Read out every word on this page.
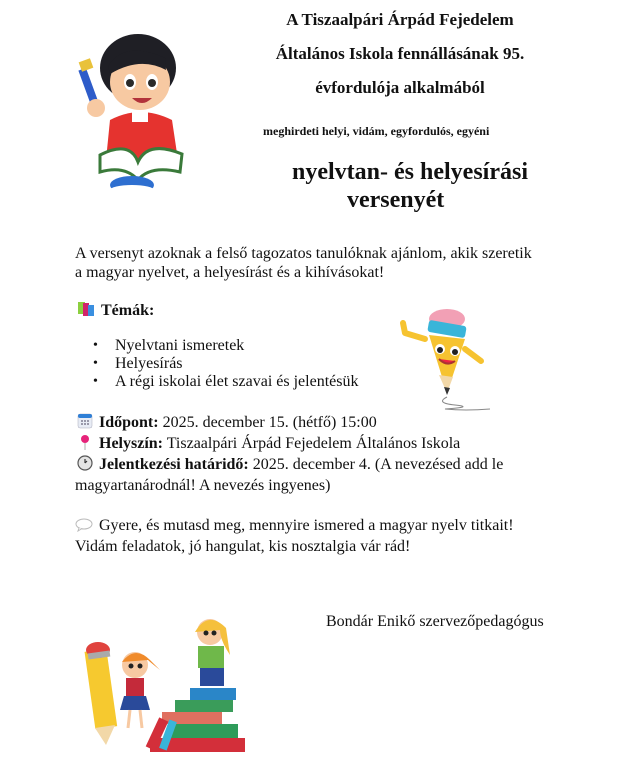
A Tiszaalpári Árpád Fejedelem
Általános Iskola fennállásának 95.
évfordulója alkalmából
meghirdeti helyi, vidám, egyfordulós, egyéni
nyelvtan- és helyesírási
versenyét
A versenyt azoknak a felső tagozatos tanulóknak ajánlom, akik szeretik
a magyar nyelvet, a helyesírást és a kihívásokat!
Témák:
• Nyelvtani ismeretek
• Helyesírás
• A régi iskolai élet szavai és jelentésük
Időpont: 2025. december 15. (hétfő) 15:00
Helyszín: Tiszaalpári Árpád Fejedelem Általános Iskola
Jelentkezési határidő: 2025. december 4. (A nevezésed add le
magyartanárodnál! A nevezés ingyenes)
Gyere, és mutasd meg, mennyire ismered a magyar nyelv titkait!
Vidám feladatok, jó hangulat, kis nosztalgia vár rád!
Bondár Enikő szervezőpedagógus
